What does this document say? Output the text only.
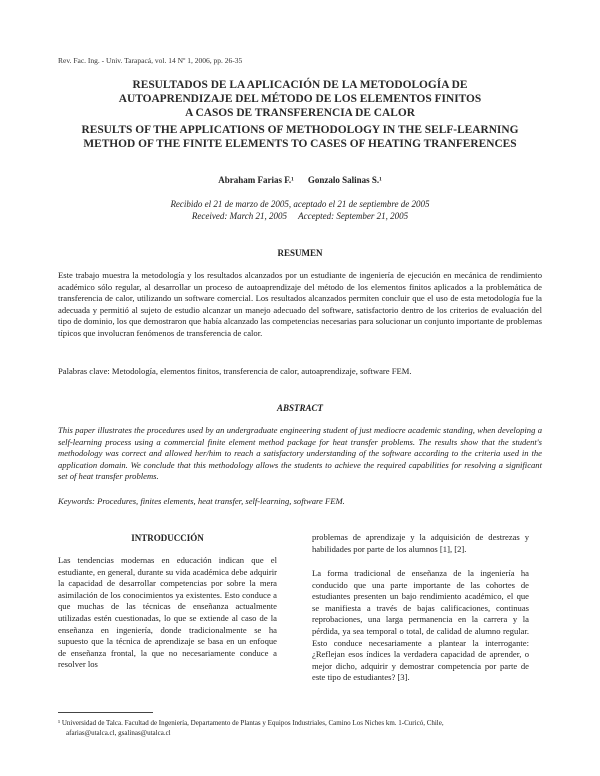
Rev. Fac. Ing. - Univ. Tarapacá, vol. 14 Nº 1, 2006, pp. 26-35
RESULTADOS DE LA APLICACIÓN DE LA METODOLOGÍA DE
AUTOAPRENDIZAJE DEL MÉTODO DE LOS ELEMENTOS FINITOS
A CASOS DE TRANSFERENCIA DE CALOR
RESULTS OF THE APPLICATIONS OF METHODOLOGY IN THE SELF-LEARNING
METHOD OF THE FINITE ELEMENTS TO CASES OF HEATING TRANFERENCES
Abraham Farias F.¹ Gonzalo Salinas S.¹
Recibido el 21 de marzo de 2005, aceptado el 21 de septiembre de 2005
Received: March 21, 2005     Accepted: September 21, 2005
RESUMEN
Este trabajo muestra la metodología y los resultados alcanzados por un estudiante de ingeniería de ejecución en mecánica de rendimiento académico sólo regular, al desarrollar un proceso de autoaprendizaje del método de los elementos finitos aplicados a la problemática de transferencia de calor, utilizando un software comercial. Los resultados alcanzados permiten concluir que el uso de esta metodología fue la adecuada y permitió al sujeto de estudio alcanzar un manejo adecuado del software, satisfactorio dentro de los criterios de evaluación del tipo de dominio, los que demostraron que había alcanzado las competencias necesarias para solucionar un conjunto importante de problemas típicos que involucran fenómenos de transferencia de calor.
Palabras clave: Metodología, elementos finitos, transferencia de calor, autoaprendizaje, software FEM.
ABSTRACT
This paper illustrates the procedures used by an undergraduate engineering student of just mediocre academic standing, when developing a self-learning process using a commercial finite element method package for heat transfer problems. The results show that the student's methodology was correct and allowed her/him to reach a satisfactory understanding of the software according to the criteria used in the application domain. We conclude that this methodology allows the students to achieve the required capabilities for resolving a significant set of heat transfer problems.
Keywords: Procedures, finites elements, heat transfer, self-learning, software FEM.
INTRODUCCIÓN
Las tendencias modernas en educación indican que el estudiante, en general, durante su vida académica debe adquirir la capacidad de desarrollar competencias por sobre la mera asimilación de los conocimientos ya existentes. Esto conduce a que muchas de las técnicas de enseñanza actualmente utilizadas estén cuestionadas, lo que se extiende al caso de la enseñanza en ingeniería, donde tradicionalmente se ha supuesto que la técnica de aprendizaje se basa en un enfoque de enseñanza frontal, la que no necesariamente conduce a resolver los
problemas de aprendizaje y la adquisición de destrezas y habilidades por parte de los alumnos [1], [2].
La forma tradicional de enseñanza de la ingeniería ha conducido que una parte importante de las cohortes de estudiantes presenten un bajo rendimiento académico, el que se manifiesta a través de bajas calificaciones, continuas reprobaciones, una larga permanencia en la carrera y la pérdida, ya sea temporal o total, de calidad de alumno regular. Esto conduce necesariamente a plantear la interrogante: ¿Reflejan esos índices la verdadera capacidad de aprender, o mejor dicho, adquirir y demostrar competencia por parte de este tipo de estudiantes? [3].
¹ Universidad de Talca. Facultad de Ingeniería, Departamento de Plantas y Equipos Industriales, Camino Los Niches km. 1-Curicó, Chile,
afarias@utalca.cl, gsalinas@utalca.cl
